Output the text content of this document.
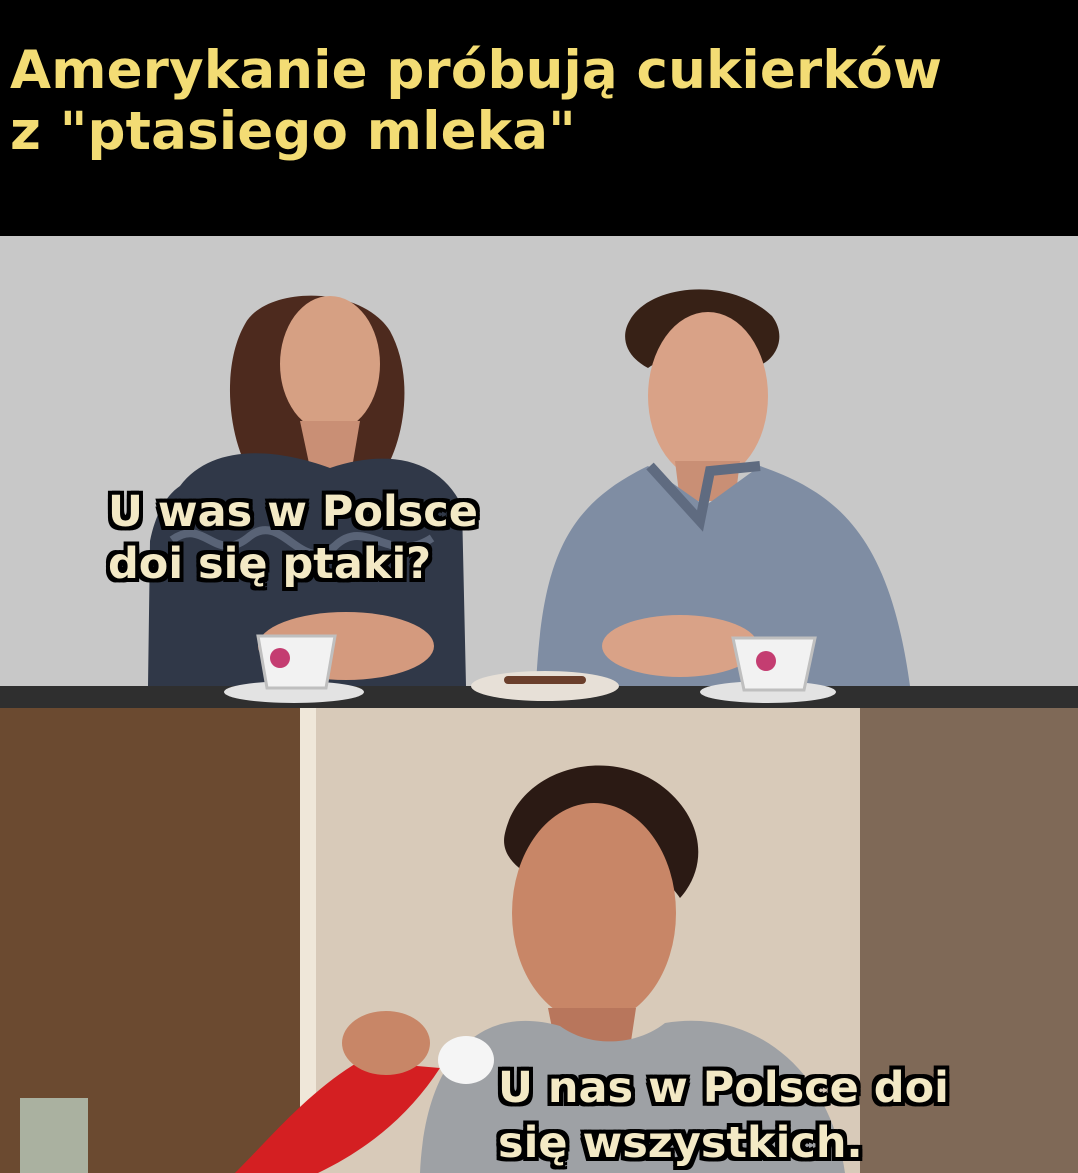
Amerykanie próbują cukierków
z "ptasiego mleka"

U was w Polsce
doi się ptaki?

U nas w Polsce doi
się wszystkich.
